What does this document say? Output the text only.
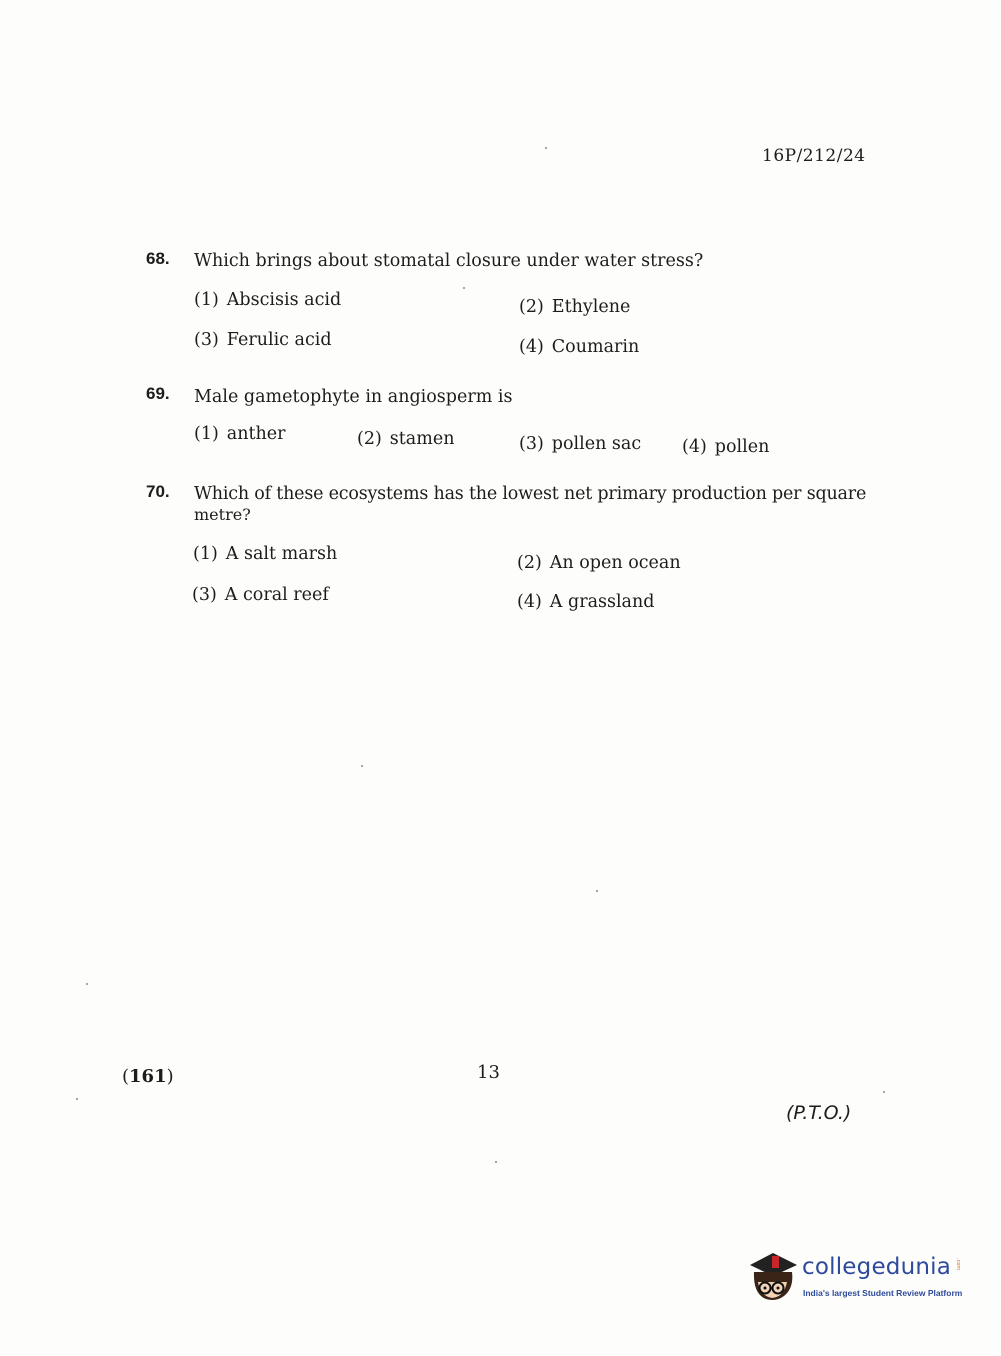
16P/212/24
68. Which brings about stomatal closure under water stress?
(1) Abscisis acid	(2) Ethylene
(3) Ferulic acid	(4) Coumarin
69. Male gametophyte in angiosperm is
(1) anther	(2) stamen	(3) pollen sac (4) pollen
70. Which of these ecosystems has the lowest net primary production per square
metre?
(1) A salt marsh	(2) An open ocean
(3) A coral reef	(4) A grassland
(161)	13
(P.T.O.)
collegedunia .com
India's largest Student Review Platform
